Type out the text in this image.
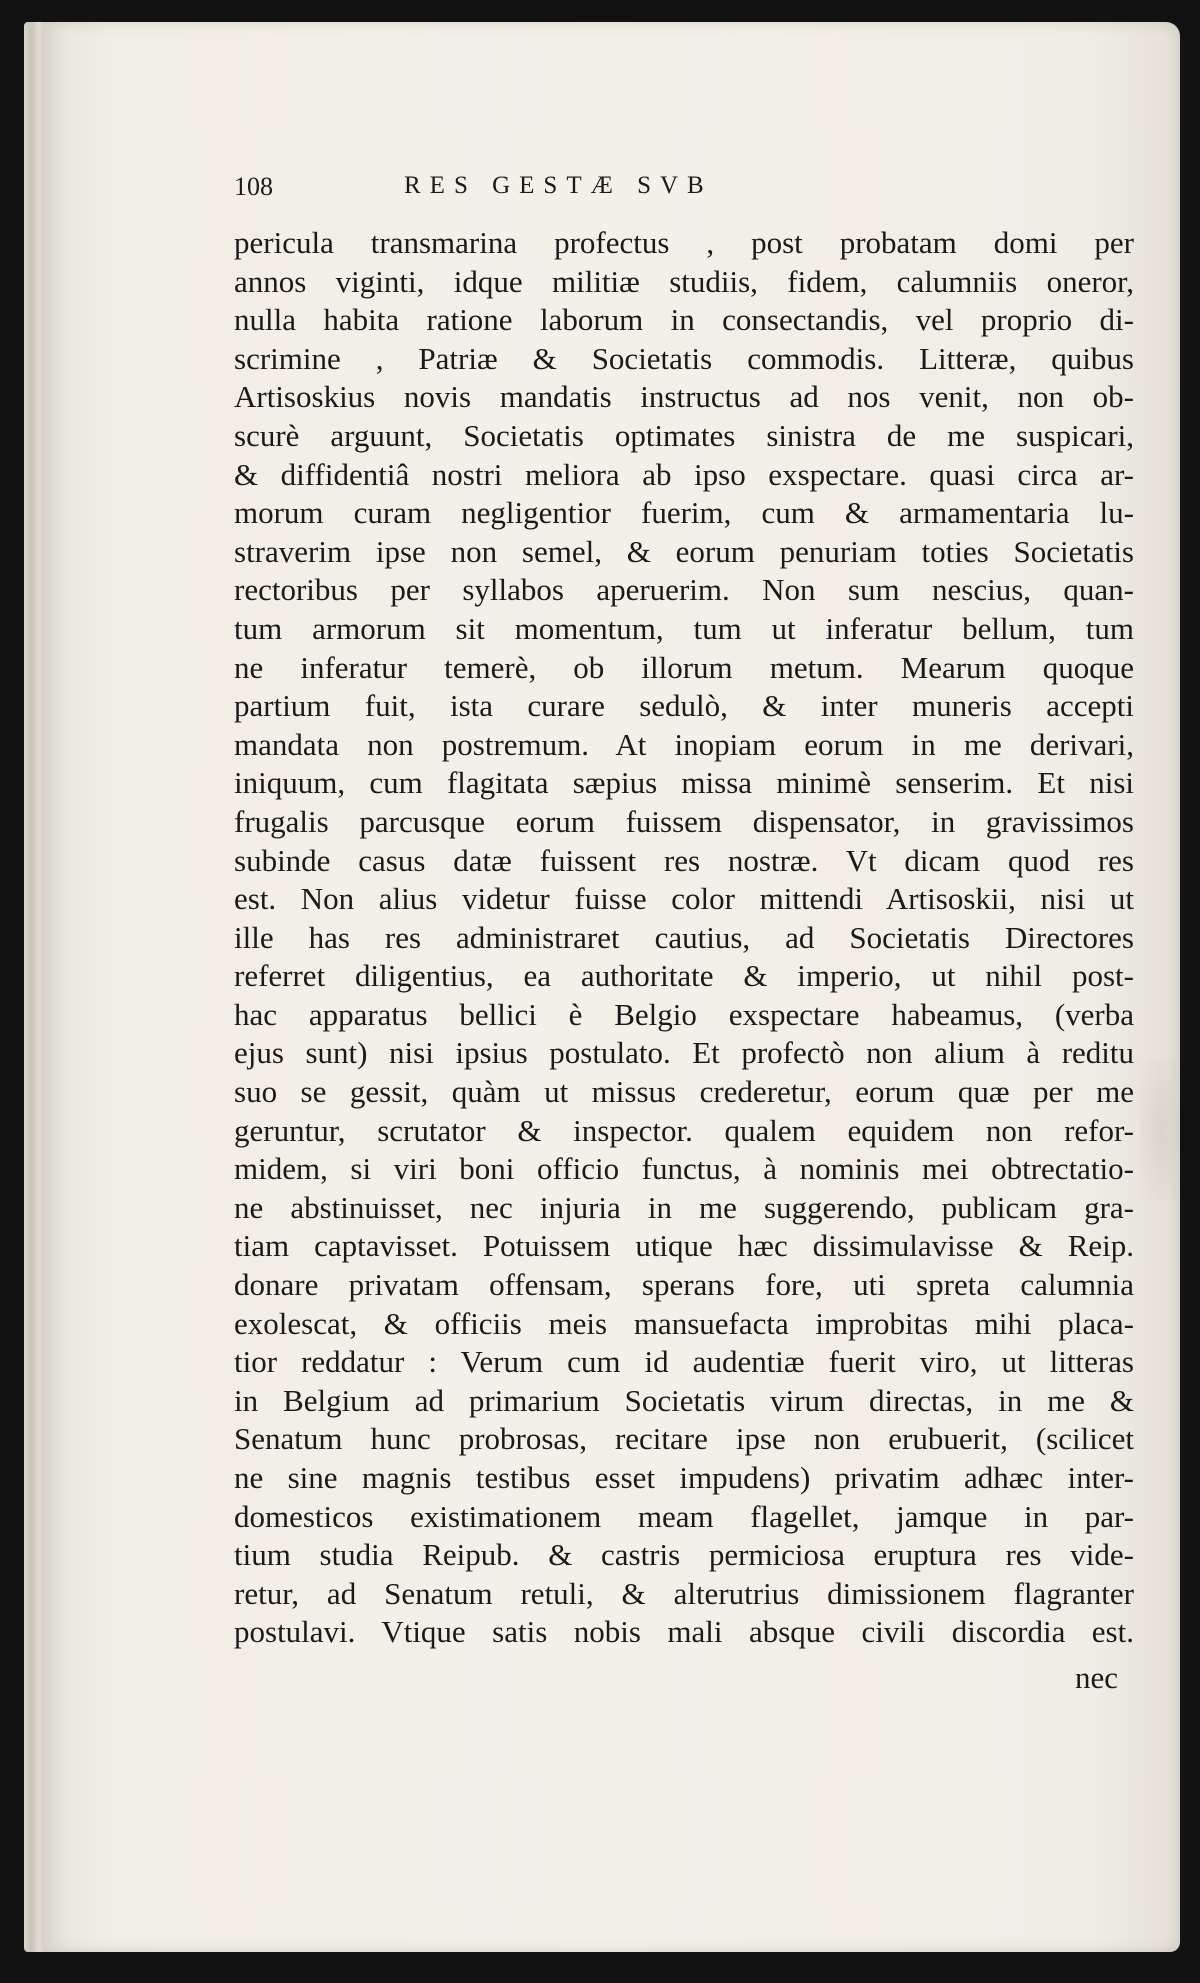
108	RES GESTÆ SVB
pericula transmarina profectus , post probatam domi per
annos viginti, idque militiæ studiis, fidem, calumniis oneror,
nulla habita ratione laborum in consectandis, vel proprio di-
scrimine , Patriæ & Societatis commodis. Litteræ, quibus
Artisoskius novis mandatis instructus ad nos venit, non ob-
scurè arguunt, Societatis optimates sinistra de me suspicari,
& diffidentiâ nostri meliora ab ipso exspectare. quasi circa ar-
morum curam negligentior fuerim, cum & armamentaria lu-
straverim ipse non semel, & eorum penuriam toties Societatis
rectoribus per syllabos aperuerim. Non sum nescius, quan-
tum armorum sit momentum, tum ut inferatur bellum, tum
ne inferatur temerè, ob illorum metum. Mearum quoque
partium fuit, ista curare sedulò, & inter muneris accepti
mandata non postremum. At inopiam eorum in me derivari,
iniquum, cum flagitata sæpius missa minimè senserim. Et nisi
frugalis parcusque eorum fuissem dispensator, in gravissimos
subinde casus datæ fuissent res nostræ. Vt dicam quod res
est. Non alius videtur fuisse color mittendi Artisoskii, nisi ut
ille has res administraret cautius, ad Societatis Directores
referret diligentius, ea authoritate & imperio, ut nihil post-
hac apparatus bellici è Belgio exspectare habeamus, (verba
ejus sunt) nisi ipsius postulato. Et profectò non alium à reditu
suo se gessit, quàm ut missus crederetur, eorum quæ per me
geruntur, scrutator & inspector. qualem equidem non refor-
midem, si viri boni officio functus, à nominis mei obtrectatio-
ne abstinuisset, nec injuria in me suggerendo, publicam gra-
tiam captavisset. Potuissem utique hæc dissimulavisse & Reip.
donare privatam offensam, sperans fore, uti spreta calumnia
exolescat, & officiis meis mansuefacta improbitas mihi placa-
tior reddatur : Verum cum id audentiæ fuerit viro, ut litteras
in Belgium ad primarium Societatis virum directas, in me &
Senatum hunc probrosas, recitare ipse non erubuerit, (scilicet
ne sine magnis testibus esset impudens) privatim adhæc inter-
domesticos existimationem meam flagellet, jamque in par-
tium studia Reipub. & castris permiciosa eruptura res vide-
retur, ad Senatum retuli, & alterutrius dimissionem flagranter
postulavi. Vtique satis nobis mali absque civili discordia est.
nec
